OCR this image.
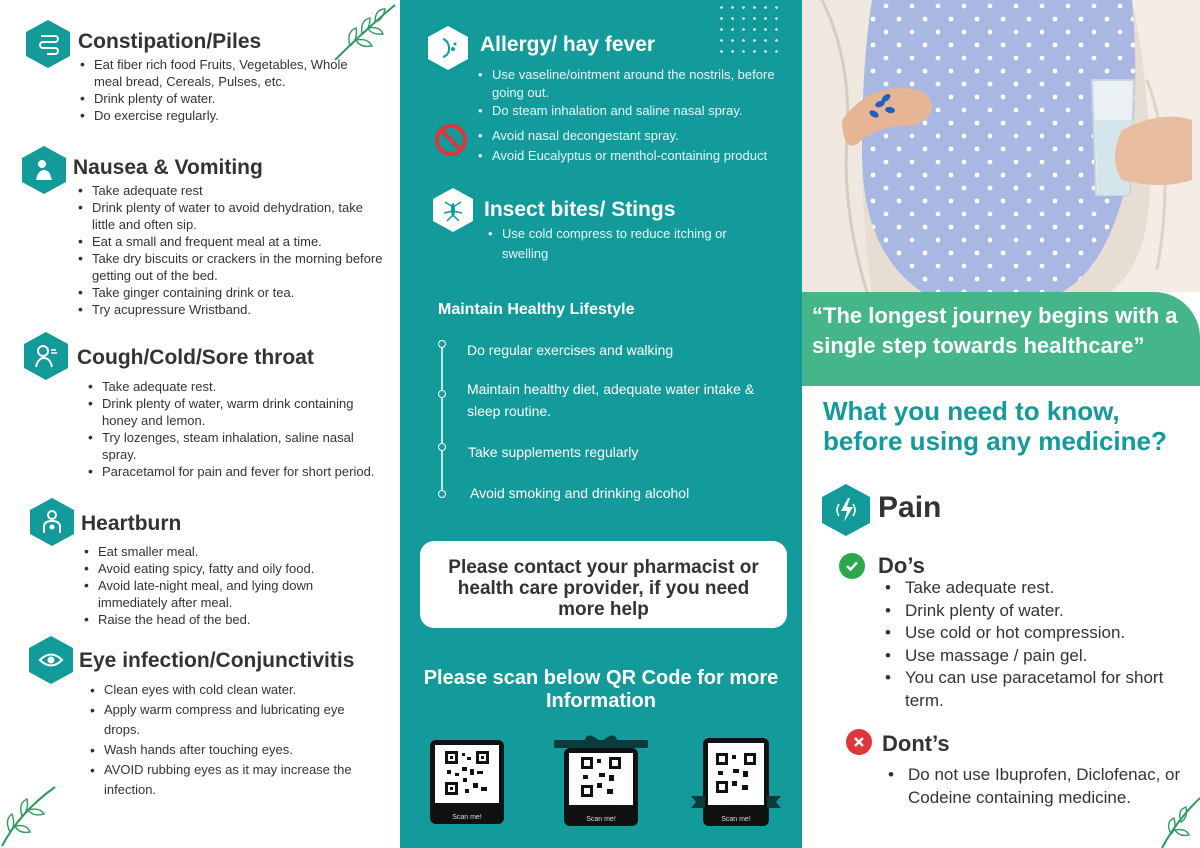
Constipation/Piles
• Eat fiber rich food Fruits, Vegetables, Whole meal bread, Cereals, Pulses, etc.
• Drink plenty of water.
• Do exercise regularly.
Nausea & Vomiting
• Take adequate rest
• Drink plenty of water to avoid dehydration, take little and often sip.
• Eat a small and frequent meal at a time.
• Take dry biscuits or crackers in the morning before getting out of the bed.
• Take ginger containing drink or tea.
• Try acupressure Wristband.
Cough/Cold/Sore throat
• Take adequate rest.
• Drink plenty of water, warm drink containing honey and lemon.
• Try lozenges, steam inhalation, saline nasal spray.
• Paracetamol for pain and fever for short period.
Heartburn
• Eat smaller meal.
• Avoid eating spicy, fatty and oily food.
• Avoid late-night meal, and lying down immediately after meal.
• Raise the head of the bed.
Eye infection/Conjunctivitis
• Clean eyes with cold clean water.
• Apply warm compress and lubricating eye drops.
• Wash hands after touching eyes.
• AVOID rubbing eyes as it may increase the infection.
Allergy/ hay fever
• Use vaseline/ointment around the nostrils, before going out.
• Do steam inhalation and saline nasal spray.
• Avoid nasal decongestant spray.
• Avoid Eucalyptus or menthol-containing product
Insect bites/ Stings
• Use cold compress to reduce itching or swelling
Maintain Healthy Lifestyle
Do regular exercises and walking
Maintain healthy diet, adequate water intake & sleep routine.
Take supplements regularly
Avoid smoking and drinking alcohol
Please contact your pharmacist or health care provider, if you need more help
Please scan below QR Code for more Information
Scan me!	Scan me!	Scan me!
“The longest journey begins with a single step towards healthcare”
What you need to know, before using any medicine?
Pain
Do’s
• Take adequate rest.
• Drink plenty of water.
• Use cold or hot compression.
• Use massage / pain gel.
• You can use paracetamol for short term.
Dont’s
• Do not use Ibuprofen, Diclofenac, or Codeine containing medicine.
